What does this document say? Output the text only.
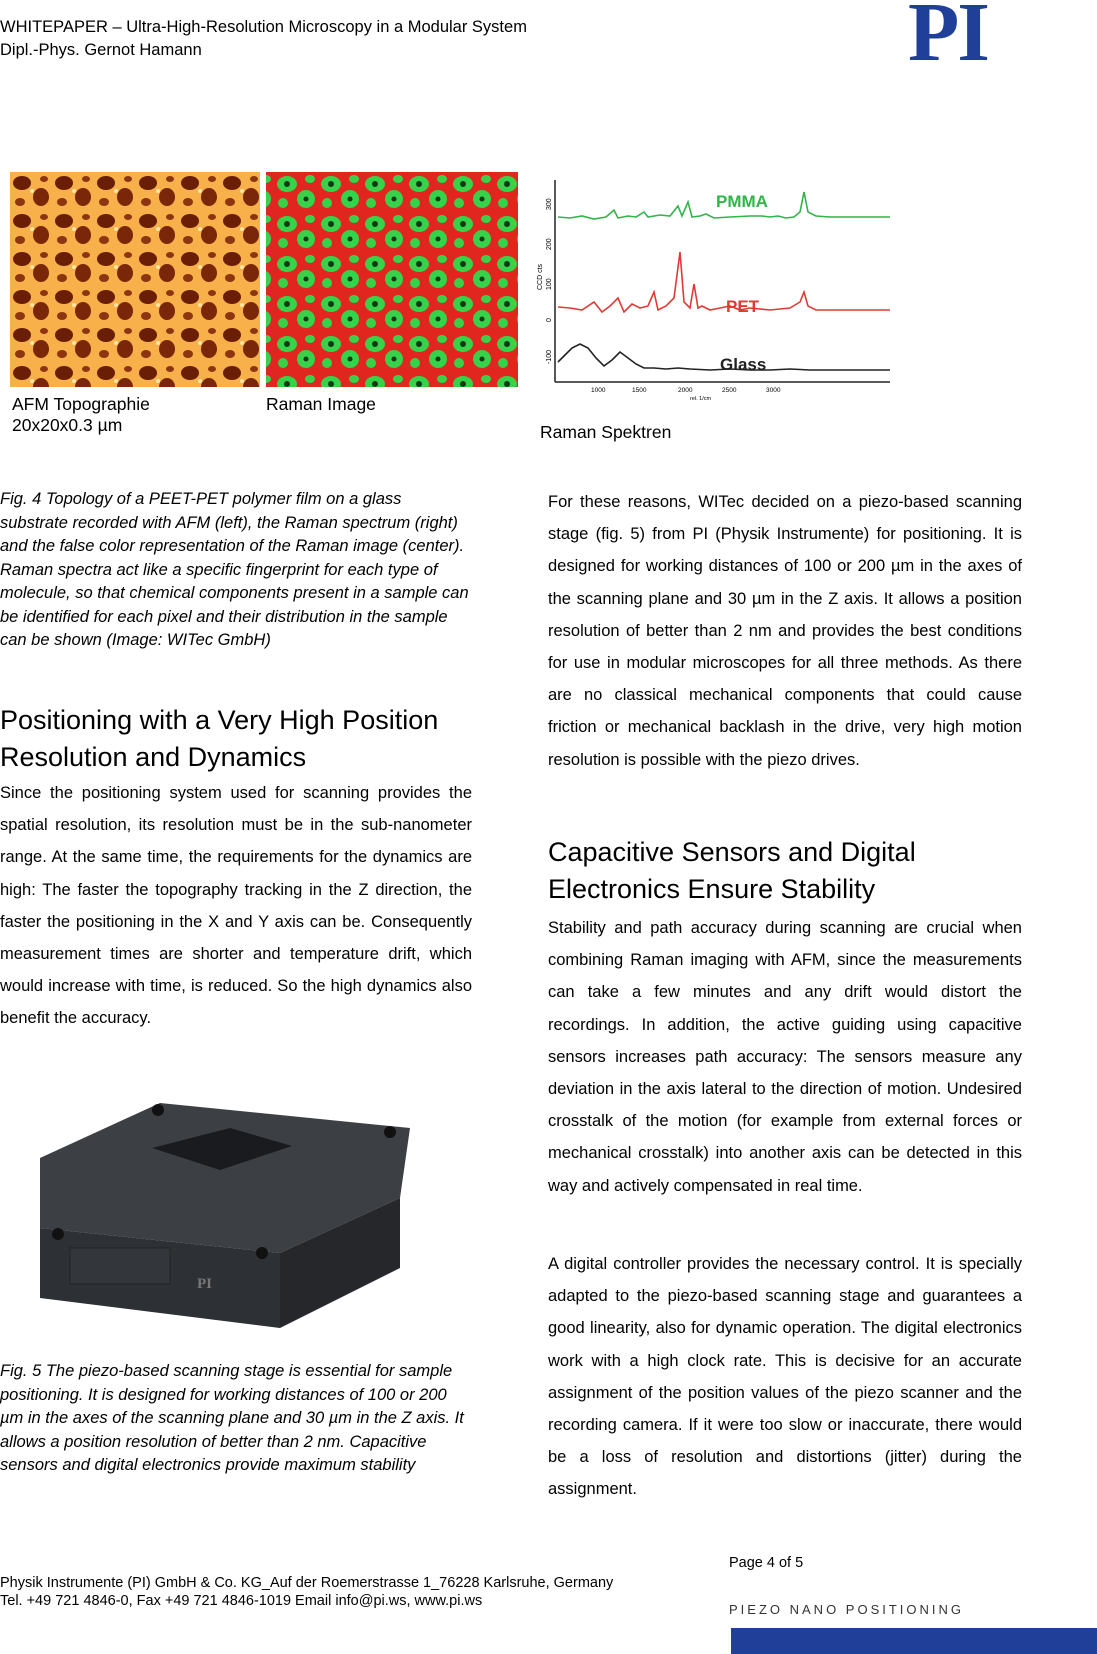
WHITEPAPER – Ultra-High-Resolution Microscopy in a Modular System
Dipl.-Phys. Gernot Hamann	PI
AFM Topographie
20x20x0.3 µm
Raman Image
300
200
100
0
-100
CCD cts
1000	1500	2000	2500	3000
rel. 1/cm
PMMA
PET
Glass
Raman Spektren
Fig. 4 Topology of a PEET-PET polymer film on a glass substrate recorded with AFM (left), the Raman spectrum (right) and the false color representation of the Raman image (center). Raman spectra act like a specific fingerprint for each type of molecule, so that chemical components present in a sample can be identified for each pixel and their distribution in the sample can be shown (Image: WITec GmbH)
Positioning with a Very High Position Resolution and Dynamics
Since the positioning system used for scanning provides the spatial resolution, its resolution must be in the sub-nanometer range. At the same time, the requirements for the dynamics are high: The faster the topography tracking in the Z direction, the faster the positioning in the X and Y axis can be. Consequently measurement times are shorter and temperature drift, which would increase with time, is reduced. So the high dynamics also benefit the accuracy.
PI
Fig. 5 The piezo-based scanning stage is essential for sample positioning. It is designed for working distances of 100 or 200 µm in the axes of the scanning plane and 30 µm in the Z axis. It allows a position resolution of better than 2 nm. Capacitive sensors and digital electronics provide maximum stability
For these reasons, WITec decided on a piezo-based scanning stage (fig. 5) from PI (Physik Instrumente) for positioning. It is designed for working distances of 100 or 200 µm in the axes of the scanning plane and 30 µm in the Z axis. It allows a position resolution of better than 2 nm and provides the best conditions for use in modular microscopes for all three methods. As there are no classical mechanical components that could cause friction or mechanical backlash in the drive, very high motion resolution is possible with the piezo drives.
Capacitive Sensors and Digital Electronics Ensure Stability
Stability and path accuracy during scanning are crucial when combining Raman imaging with AFM, since the measurements can take a few minutes and any drift would distort the recordings. In addition, the active guiding using capacitive sensors increases path accuracy: The sensors measure any deviation in the axis lateral to the direction of motion. Undesired crosstalk of the motion (for example from external forces or mechanical crosstalk) into another axis can be detected in this way and actively compensated in real time.
A digital controller provides the necessary control. It is specially adapted to the piezo-based scanning stage and guarantees a good linearity, also for dynamic operation. The digital electronics work with a high clock rate. This is decisive for an accurate assignment of the position values of the piezo scanner and the recording camera. If it were too slow or inaccurate, there would be a loss of resolution and distortions (jitter) during the assignment.
Page 4 of 5
Physik Instrumente (PI) GmbH & Co. KG_Auf der Roemerstrasse 1_76228 Karlsruhe, Germany
Tel. +49 721 4846-0, Fax +49 721 4846-1019 Email info@pi.ws, www.pi.ws
PIEZO NANO POSITIONING
